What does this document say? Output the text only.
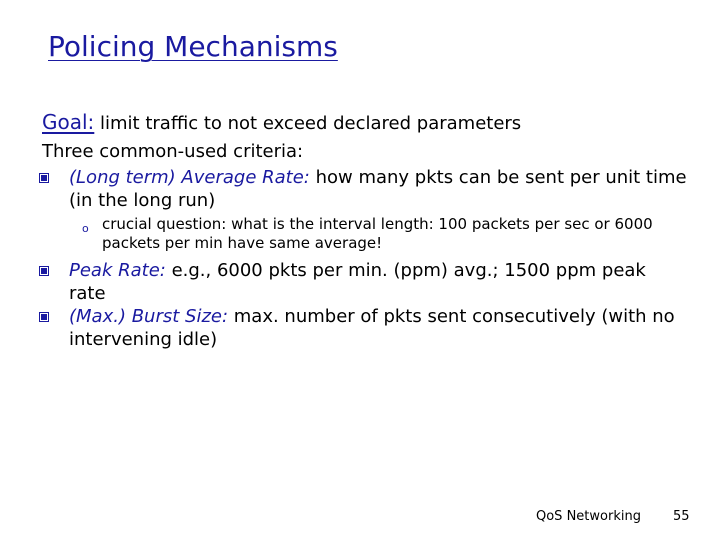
Policing Mechanisms
Goal: limit traffic to not exceed declared parameters
Three common-used criteria:
(Long term) Average Rate: how many pkts can be sent per unit time (in the long run)
o crucial question: what is the interval length: 100 packets per sec or 6000 packets per min have same average!
Peak Rate: e.g., 6000 pkts per min. (ppm) avg.; 1500 ppm peak rate
(Max.) Burst Size: max. number of pkts sent consecutively (with no intervening idle)
QoS Networking 55
